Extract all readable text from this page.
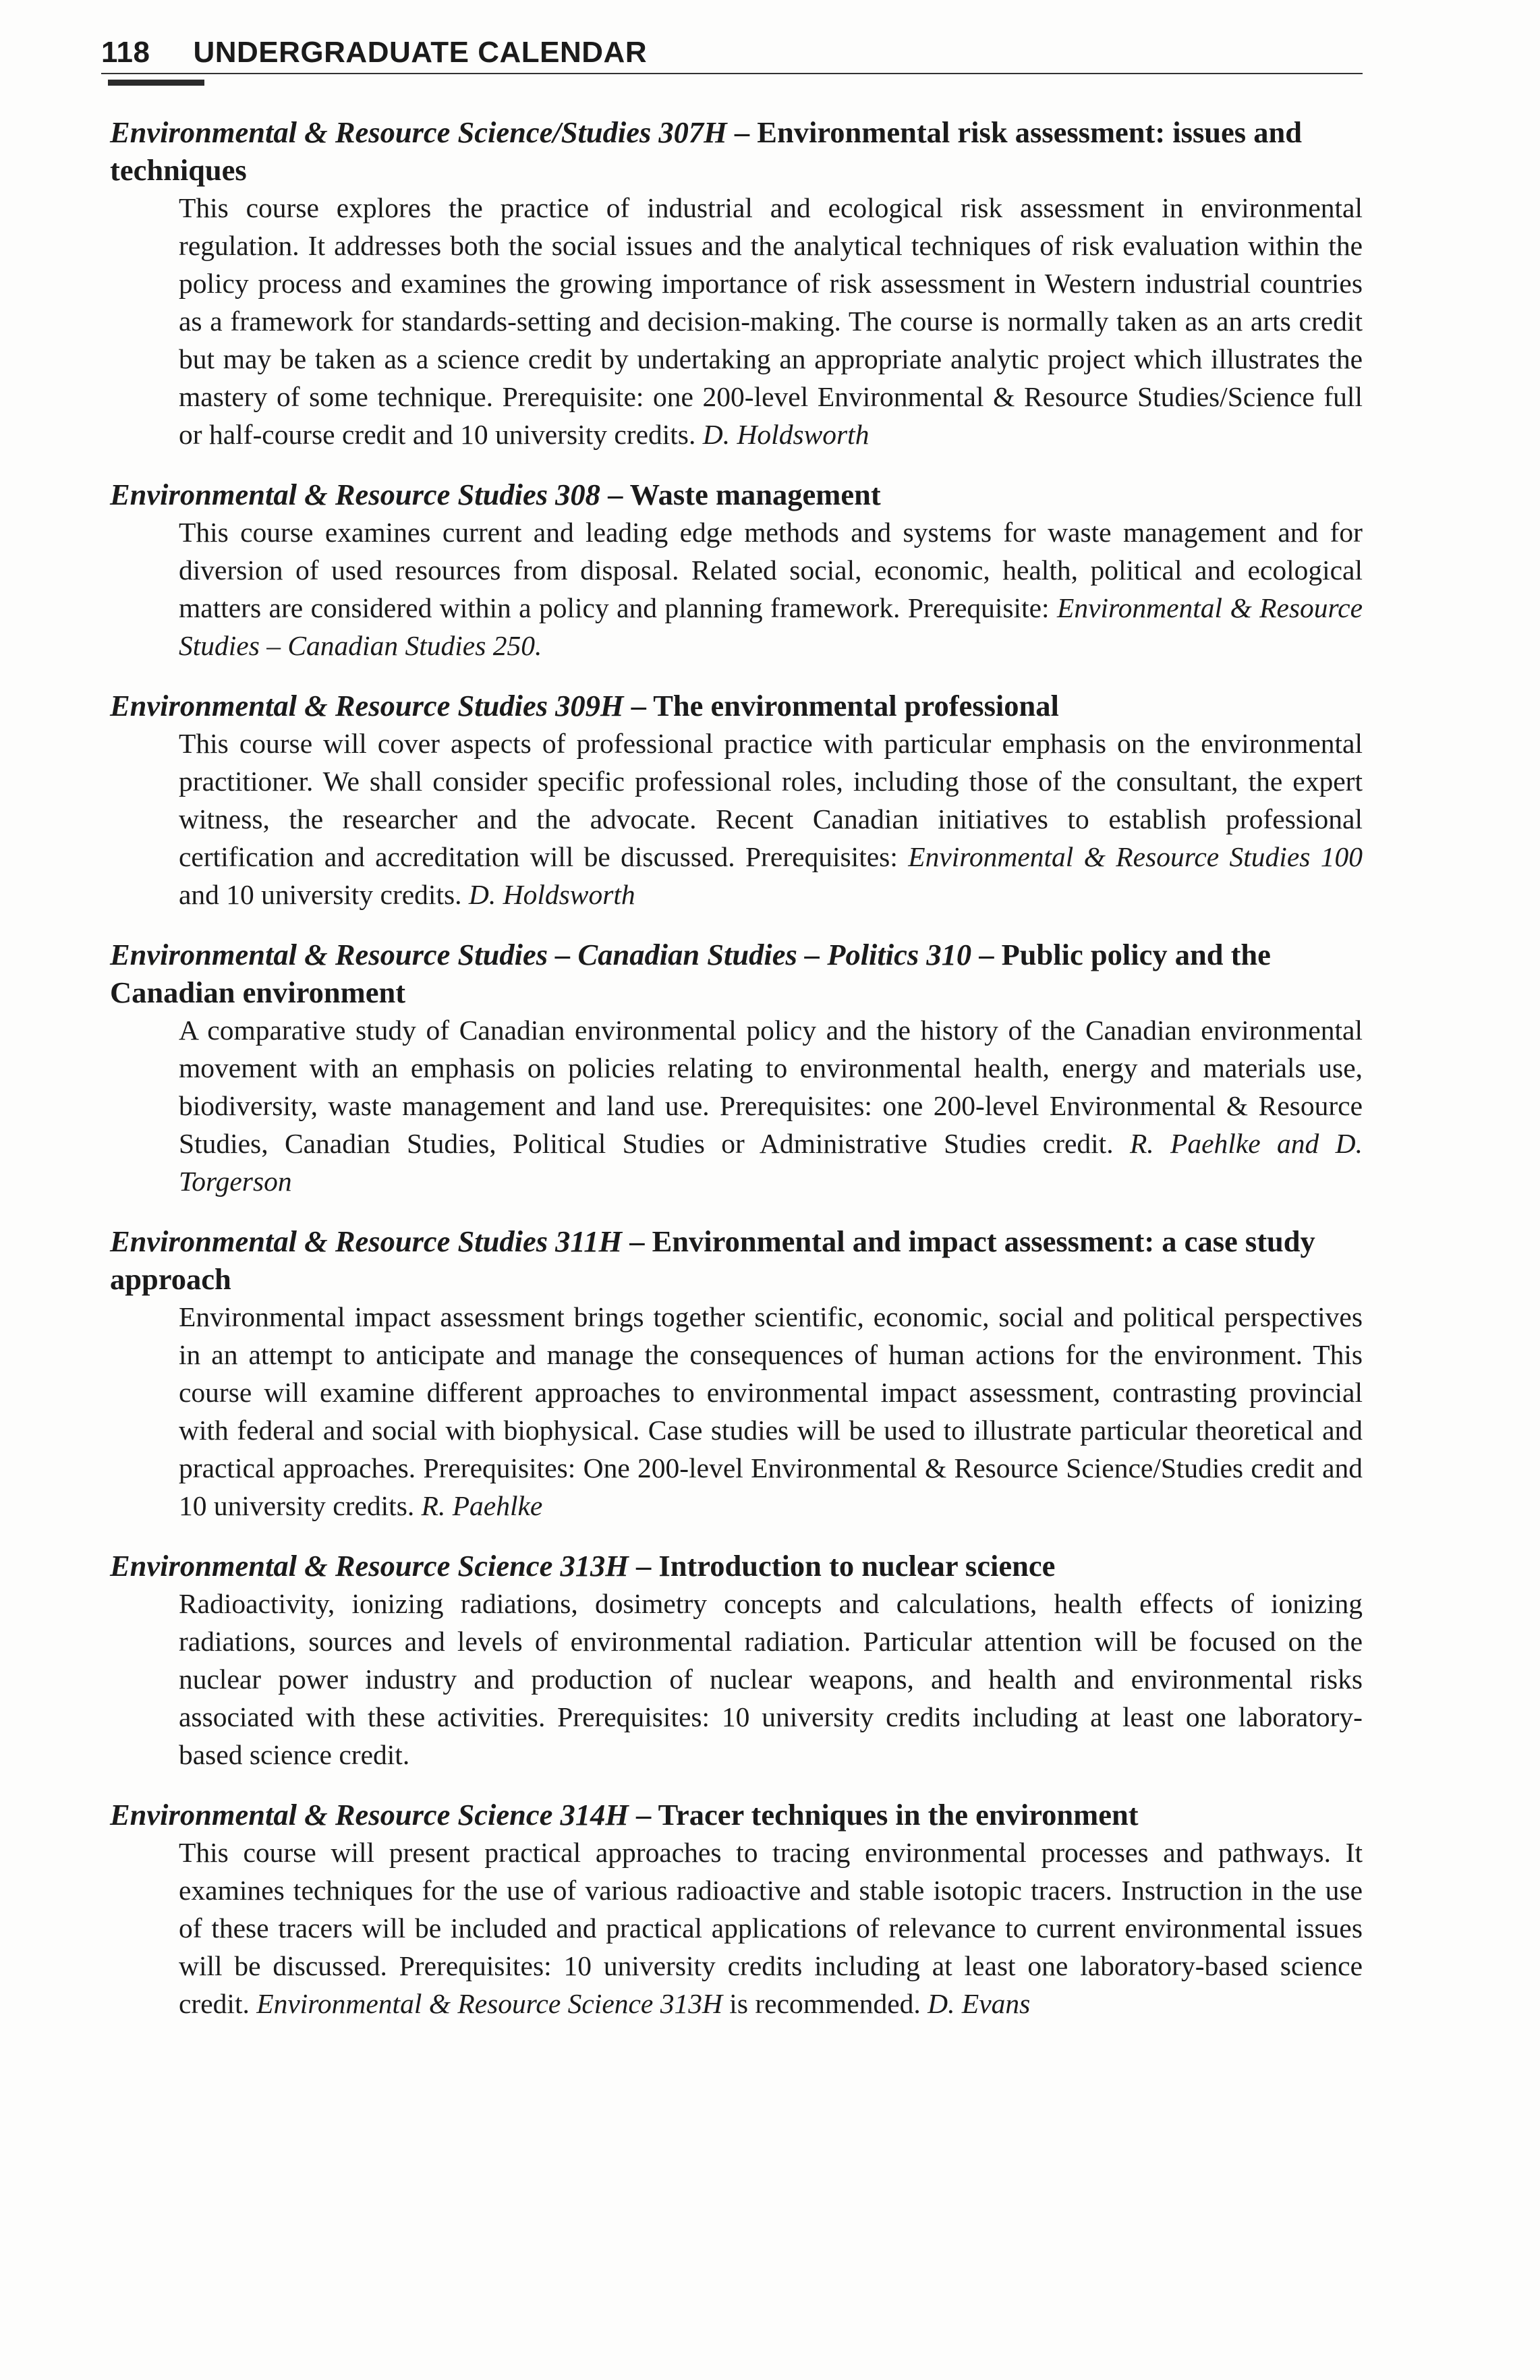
118 UNDERGRADUATE CALENDAR
Environmental & Resource Science/Studies 307H – Environmental risk assessment: issues and techniques
This course explores the practice of industrial and ecological risk assessment in environmental regulation. It addresses both the social issues and the analytical techniques of risk evaluation within the policy process and examines the growing importance of risk assessment in Western industrial countries as a framework for standards-setting and decision-making. The course is normally taken as an arts credit but may be taken as a science credit by undertaking an appropriate analytic project which illustrates the mastery of some technique. Prerequisite: one 200-level Environmental & Resource Studies/Science full or half-course credit and 10 university credits. D. Holdsworth
Environmental & Resource Studies 308 – Waste management
This course examines current and leading edge methods and systems for waste management and for diversion of used resources from disposal. Related social, economic, health, political and ecological matters are considered within a policy and planning framework. Prerequisite: Environmental & Resource Studies – Canadian Studies 250.
Environmental & Resource Studies 309H – The environmental professional
This course will cover aspects of professional practice with particular emphasis on the environmental practitioner. We shall consider specific professional roles, including those of the consultant, the expert witness, the researcher and the advocate. Recent Canadian initiatives to establish professional certification and accreditation will be discussed. Prerequisites: Environmental & Resource Studies 100 and 10 university credits. D. Holdsworth
Environmental & Resource Studies – Canadian Studies – Politics 310 – Public policy and the Canadian environment
A comparative study of Canadian environmental policy and the history of the Canadian environmental movement with an emphasis on policies relating to environmental health, energy and materials use, biodiversity, waste management and land use. Prerequisites: one 200-level Environmental & Resource Studies, Canadian Studies, Political Studies or Administrative Studies credit. R. Paehlke and D. Torgerson
Environmental & Resource Studies 311H – Environmental and impact assessment: a case study approach
Environmental impact assessment brings together scientific, economic, social and political perspectives in an attempt to anticipate and manage the consequences of human actions for the environment. This course will examine different approaches to environmental impact assessment, contrasting provincial with federal and social with biophysical. Case studies will be used to illustrate particular theoretical and practical approaches. Prerequisites: One 200-level Environmental & Resource Science/Studies credit and 10 university credits. R. Paehlke
Environmental & Resource Science 313H – Introduction to nuclear science
Radioactivity, ionizing radiations, dosimetry concepts and calculations, health effects of ionizing radiations, sources and levels of environmental radiation. Particular attention will be focused on the nuclear power industry and production of nuclear weapons, and health and environmental risks associated with these activities. Prerequisites: 10 university credits including at least one laboratory-based science credit.
Environmental & Resource Science 314H – Tracer techniques in the environment
This course will present practical approaches to tracing environmental processes and pathways. It examines techniques for the use of various radioactive and stable isotopic tracers. Instruction in the use of these tracers will be included and practical applications of relevance to current environmental issues will be discussed. Prerequisites: 10 university credits including at least one laboratory-based science credit. Environmental & Resource Science 313H is recommended. D. Evans
